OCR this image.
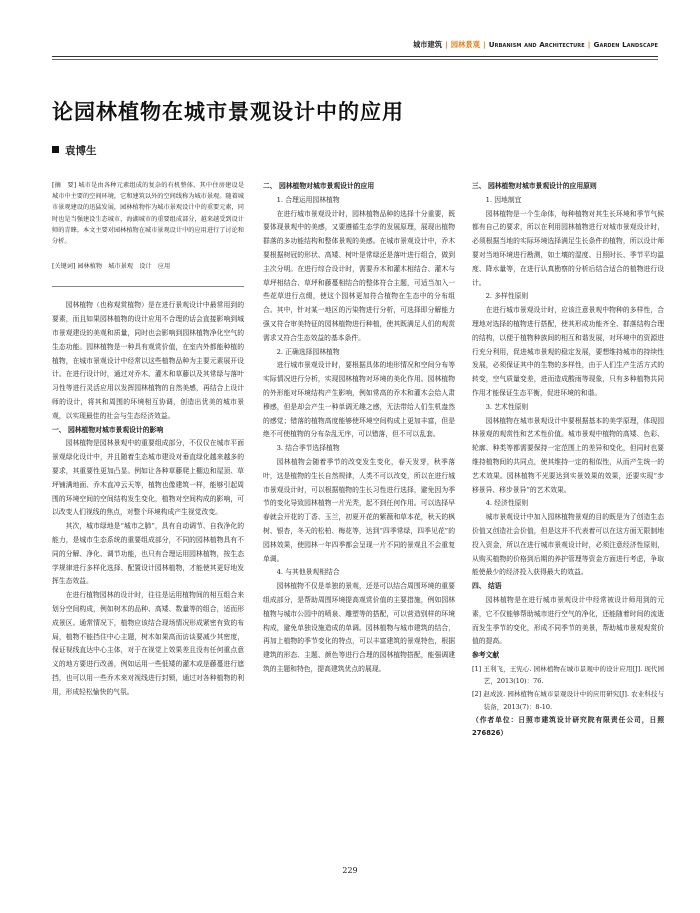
城市建筑 | 园林景观 | Urbanism and Architecture | Garden Landscape
论园林植物在城市景观设计中的应用
袁博生
[摘　要] 城市是由各种元素组成的复杂的有机整体，其中住房建设是城市中主要的空间环境，它和建筑以外的空间线称为城市景观。随着城市景观建设的迅猛发展，园林植物作为城市景观设计中的重要元素，同时也是当强建设生态城市，海湖城市的重要组成部分，越来越受到设计师的青睐。本文主要对园林植物在城市景观设计中的应用进行了讨论和分析。
[关键词] 园林植物　城市景观　设计　应用

园林植物（也称观赏植物）是在进行景观设计中最常用到的要素，而且如果园林植物的设计应用不合理的话会直接影响到城市景观建设的美观和质量，同时也会影响到园林植物净化空气的生态功能。园林植物是一种具有观赏价值，在室内外都能种植的植物，在城市景观设计中经常以这些植物品种为主要元素展开设计。在进行设计时，通过对乔木、灌木和草藤以及其常绿与落叶习性等进行灵活应用以发挥园林植物的自然美感，再结合上设计师的设计，将其和周围的环境相互协调，创造出优美的城市景观，以实现最佳的社会与生态经济效益。

一、 园林植物对城市景观设计的影响

园林植物是园林景观中的重要组成部分，不仅仅在城市平面景观绿化设计中，并且随着生态城市建设对垂直绿化越来越多的要求，其重要性更加凸显。例如让各种草藤爬上棚边和屋顶、草坪铺满地面、乔木直冲云天等，植物也像建筑一样，能够引起周围的环境空间的空间结构发生变化，植物对空间构成的影响，可以改变人们视线的焦点，对整个环境构成产生视觉改变。

其次，城市绿地是“城市之肺”，具有自动调节、自我净化的能力，是城市生态系统的重要组成部分，不同的园林植物具有不同的分解、净化、调节功能，也只有合理运用园林植物，按生态学规律进行多样化选择、配置设计园林植物，才能使其更好地发挥生态效益。

在进行植物园林的设计时，往往是运用植物间的相互组合来划分空间构成，例如树木的品种、高矮、数量等的组合，适而形成景区。通常情况下，植物应该结合现场情况形成紧密有致的布局，植物不能挡住中心主题，树木如果高而访谈要减少其密度，保证视线直达中心主体，对于在视觉上效果差且没有任何重点意义的地方要进行改善，例如运用一些低矮的灌木或是藤蔓进行遮挡，也可以用一些乔木来对视线进行封锁，通过对各种植物的利用，形成轻松愉快的气氛。

二、 园林植物对城市景观设计的应用

1. 合理运用园林植物

在进行城市景观设计时，园林植物品种的选择十分重要，既要体现景观中的美感，又要遵循生态学的发展原理，展现出植物群落的多功能结构和整体景观的美感。在城市景观设计中，乔木要根据树冠的形状、高矮、树叶是常绿还是落叶进行组合，做到主次分明。在进行综合设计时，需要乔木和灌木相结合、灌木与草坪相结合、草坪和藤蔓相结合的整体符合主题，可适当加入一些花草进行点缀，使这个园林更加符合植物在生态中的分布组合。其中，针对某一地区的污染物进行分析，可选择即分解能力强又符合审美特征的园林植物进行种植，使其既满足人们的观赏需求又符合生态效益的基本条件。

2. 正确选择园林植物

进行城市景观设计时，要根据具体的地形情况和空间分布等实际情况进行分析，实现园林植物对环境的美化作用。园林植物的外形能对环境结构产生影响，例如常高的乔木和灌木会给人肃穆感，但是却会产生一种单调无趣之感，无法带给人们生机盎然的感觉；错落的植物高度能够使环境空间构成上更加丰富，但是绝不可使植物的分布杂乱无序，可以错落，但不可以乱套。

3. 结合季节选择植物

园林植物会随着季节的改变发生变化，春天发芽，秋季落叶，这是植物的生长自然规律，人类不可以改变，所以在进行城市景观设计时，可以根据植物的生长习性进行选择，避免因为季节的变化导致园林植物一片光秃，起不到任何作用。可以选择早春就会开花的丁香、玉兰，初夏开花的紫薇和草本花，秋天的枫树、银杏，冬天的松柏、梅花等，达到“四季常绿，四季见花”的园林效果，使园林一年四季都会呈现一片不同的景观且不会重复单调。

4. 与其他景观相结合

园林植物不仅是单独的景观，还是可以结合周围环境的重要组成部分，是帮助周围环境提高观赏价值的主要措施，例如园林植物与城市公园中的喷泉、雕塑等的搭配，可以营造别样的环境构成，避免单独设施造成的单调。园林植物与城市建筑的结合，再加上植物的季节变化的特点，可以丰富建筑的景观特色，根据建筑的形态、主题、颜色等进行合理的园林植物搭配，能强调建筑的主题和特色，提高建筑优点的展现。

三、 园林植物对城市景观设计的应用原则

1. 因地制宜

园林植物是一个生命体，每种植物对其生长环境和季节气候都有自己的要求，所以在利用园林植物进行对城市景观设计时，必须根据当地的实际环境选择满足生长条件的植物，所以设计师要对当地环境进行勘测，如土壤的湿度、日照时长、季节平均温度、降水量等，在进行认真勘察的分析后结合适合的植物进行设计。

2. 多样性原则

在进行城市景观设计时，应该注意景观中物种的多样性，合理地对选择的植物进行搭配，使其形成功能齐全、群落结构合理的结构，以便于植物种族间的相互和谐发展，对环境中的资源进行充分利用，促进城市景观的稳定发展，要想维持城市的持续性发展，必须保证其中的生物的多样性，由于人们生产生活方式的转变，空气质量变差，进而造成酸雨等现象，只有多种植物共同作用才能保证生态平衡，促进环境的和谐。

3. 艺术性原则

园林植物在城市景观设计中要根据基本的美学原理，体现园林景观的观赏性和艺术性价值。城市景观中植物的高矮、色彩、轮廓、种类等都需要保持一定范围上的差异和变化，但同时也要维持植物间的共同点，使其维持一定的相似性，从而产生统一的艺术效果。园林植物不光要达到实景效果的效果，还要实现“步移景异、移步景异”的艺术效果。

4. 经济性原则

城市景观设计中加入园林植物景观的目的既是为了创造生态价值又创造社会价值，但是这并不代表着可以在这方面无限制地投入资金，所以在进行城市景观设计时，必须注意经济性原则，从购买植物的价格到后期的养护管理等资金方面进行考虑，争取能使最少的经济投入获得最大的效益。

四、 结语

园林植物是在进行城市景观设计中经常被设计师用到的元素，它不仅能够帮助城市进行空气的净化，还能随着时间的流逝而发生季节的变化，形成不同季节的美景，帮助城市景观观赏价值的提高。

参考文献
[1] 王利飞，王宪心. 园林植物在城市景观中的设计应用[J]. 现代园艺，2013(10)：76.
[2] 赵成波. 园林植物在城市景观设计中的应用研究[J]. 农业科技与装备，2013(7)：8-10.
（作者单位：日照市建筑设计研究院有限责任公司，日照 276826）
229
